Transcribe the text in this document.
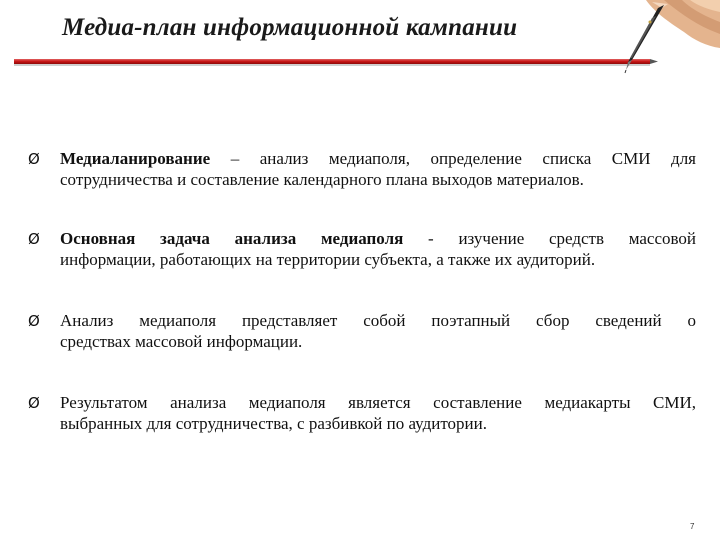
Медиа-план информационной кампании
Ø Медиаланирование – анализ медиаполя, определение списка СМИ для
сотрудничества и составление календарного плана выходов материалов.
Ø Основная задача анализа медиаполя - изучение средств массовой
информации, работающих на территории субъекта, а также их аудиторий.
Ø Анализ медиаполя представляет собой поэтапный сбор сведений о
средствах массовой информации.
Ø Результатом анализа медиаполя является составление медиакарты СМИ,
выбранных для сотрудничества, с разбивкой по аудитории.
7
